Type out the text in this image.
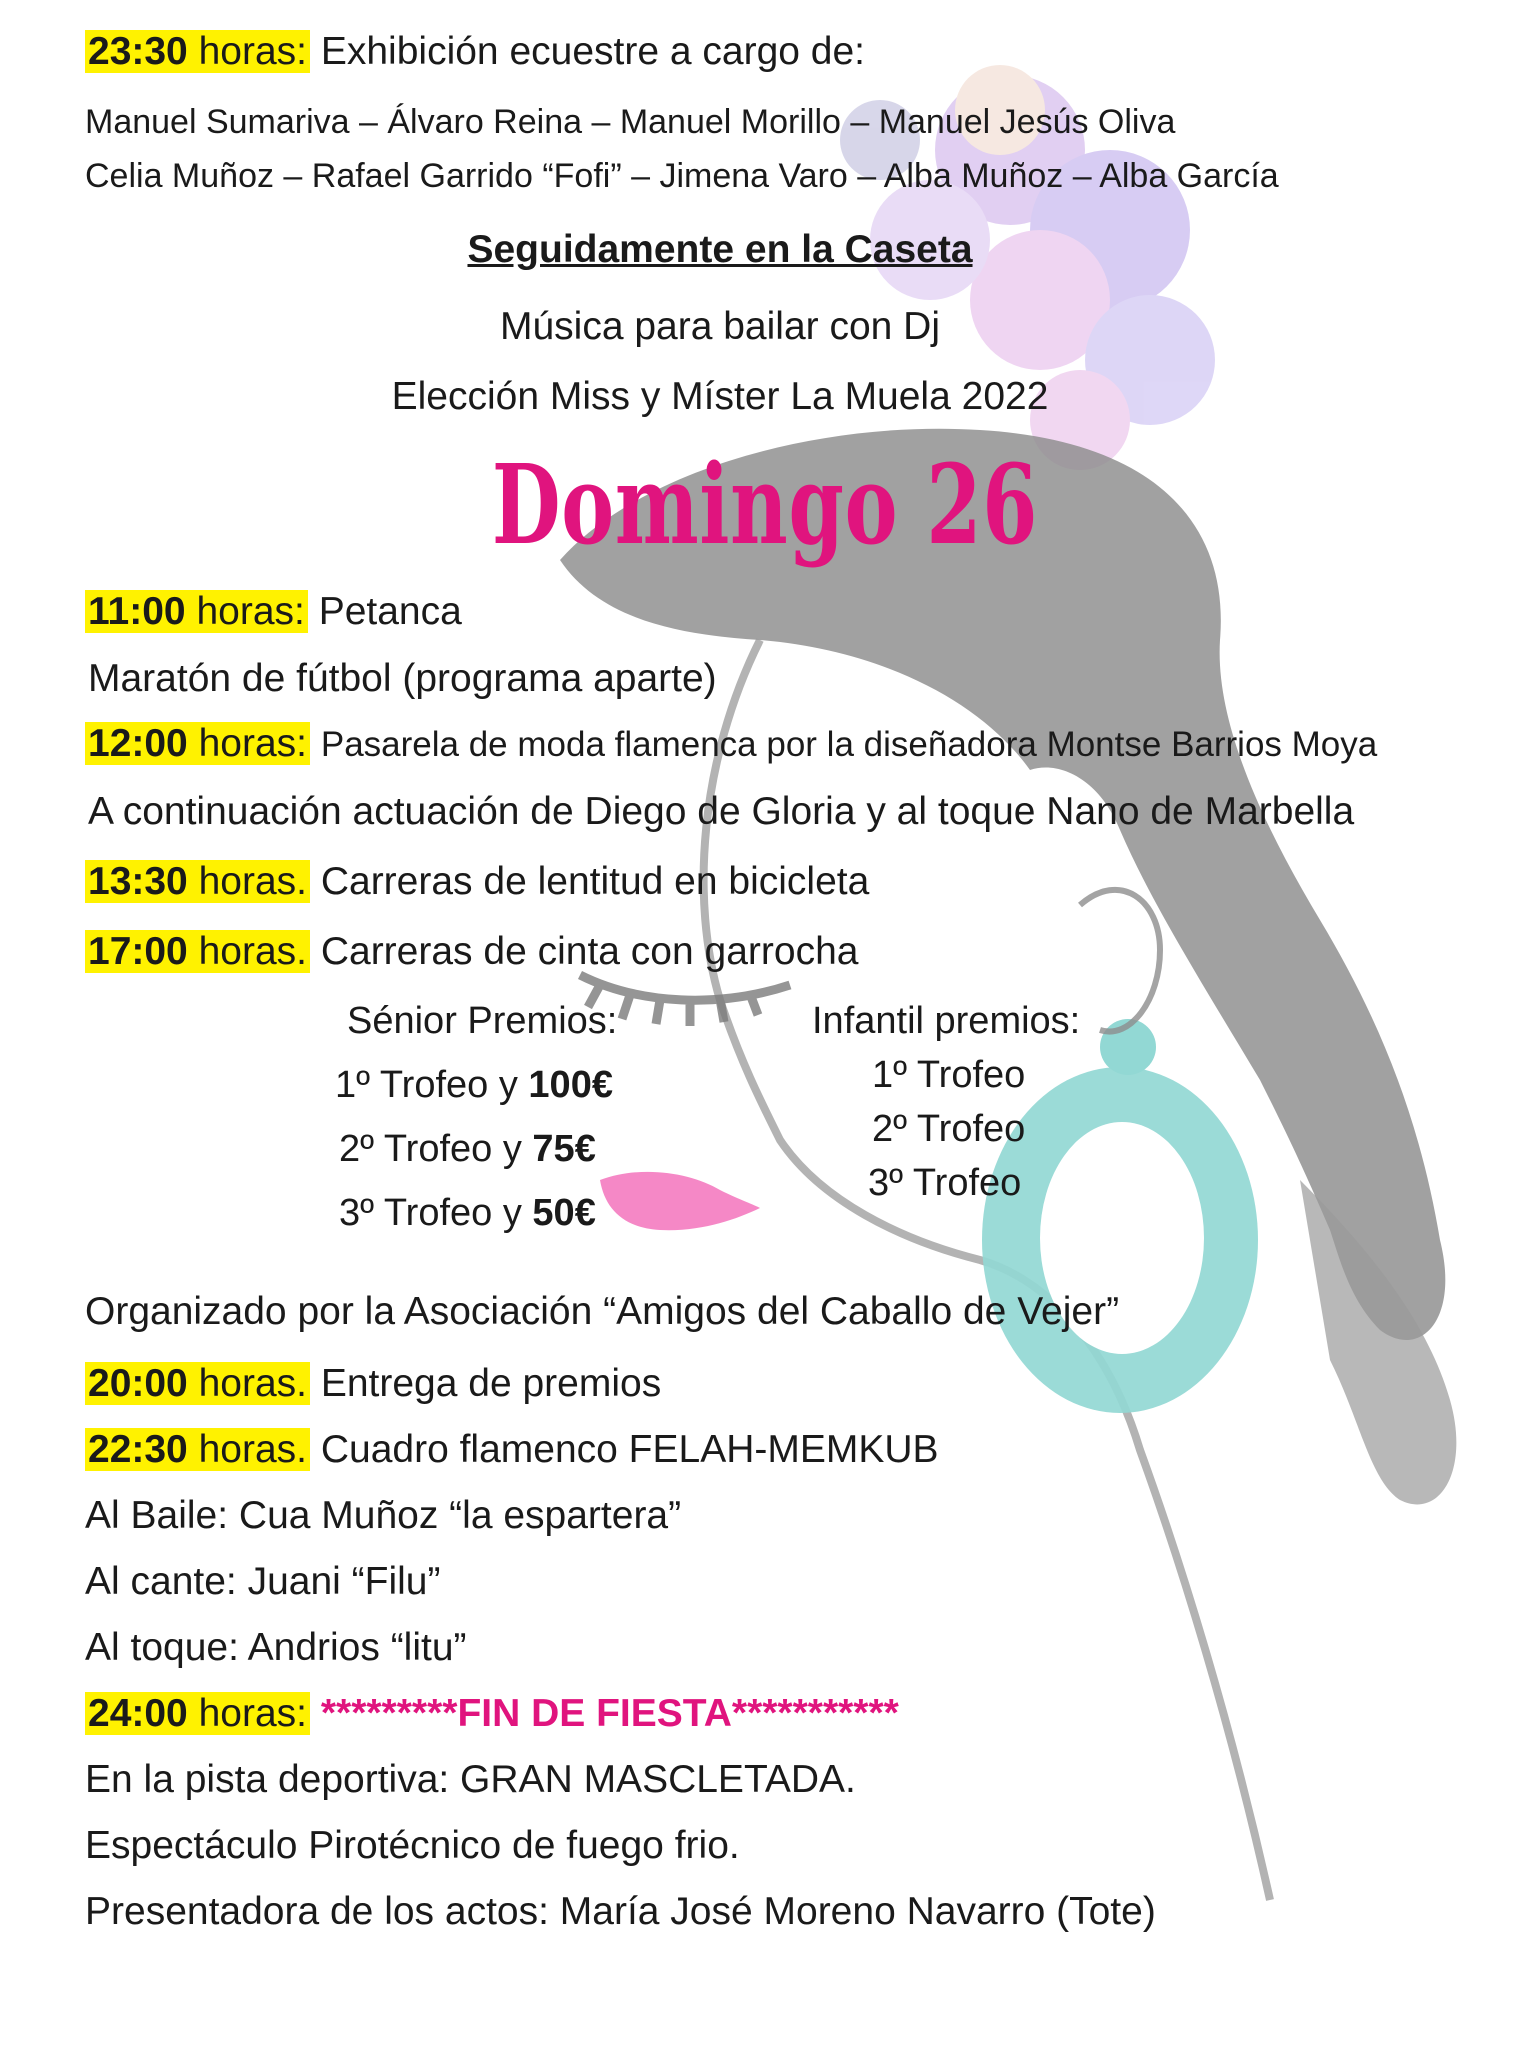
23:30 horas: Exhibición ecuestre a cargo de:
Manuel Sumariva – Álvaro Reina – Manuel Morillo – Manuel Jesús Oliva
Celia Muñoz – Rafael Garrido “Fofi” – Jimena Varo – Alba Muñoz – Alba García
Seguidamente en la Caseta
Música para bailar con Dj
Elección Miss y Míster La Muela 2022
Domingo 26
11:00 horas: Petanca
Maratón de fútbol (programa aparte)
12:00 horas: Pasarela de moda flamenca por la diseñadora Montse Barrios Moya
A continuación actuación de Diego de Gloria y al toque Nano de Marbella
13:30 horas. Carreras de lentitud en bicicleta
17:00 horas. Carreras de cinta con garrocha
Sénior Premios:
1º Trofeo y 100€
2º Trofeo y 75€
3º Trofeo y 50€
Infantil premios:
1º Trofeo
2º Trofeo
3º Trofeo
Organizado por la Asociación “Amigos del Caballo de Vejer”
20:00 horas. Entrega de premios
22:30 horas. Cuadro flamenco FELAH-MEMKUB
Al Baile: Cua Muñoz “la espartera”
Al cante: Juani “Filu”
Al toque: Andrios “litu”
24:00 horas: *********FIN DE FIESTA***********
En la pista deportiva: GRAN MASCLETADA.
Espectáculo Pirotécnico de fuego frio.
Presentadora de los actos: María José Moreno Navarro (Tote)
